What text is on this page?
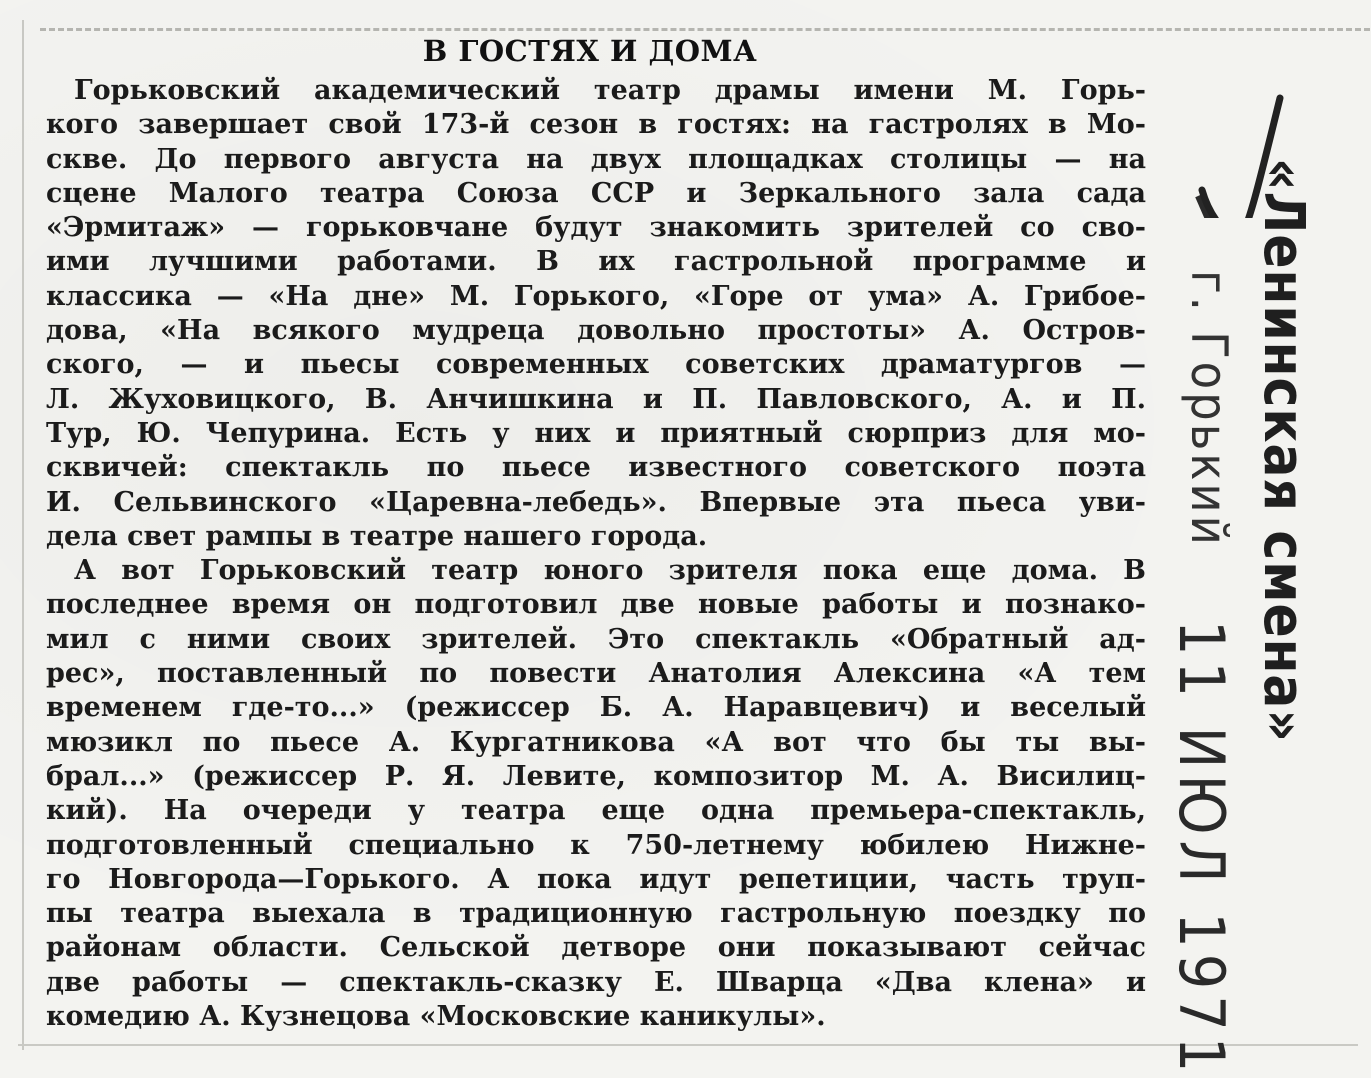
В ГОСТЯХ И ДОМА
Горьковский академический театр драмы имени М. Горь-
кого завершает свой 173-й сезон в гостях: на гастролях в Мо-
скве. До первого августа на двух площадках столицы — на
сцене Малого театра Союза ССР и Зеркального зала сада
«Эрмитаж» — горьковчане будут знакомить зрителей со сво-
ими лучшими работами. В их гастрольной программе и
классика — «На дне» М. Горького, «Горе от ума» А. Грибое-
дова, «На всякого мудреца довольно простоты» А. Остров-
ского, — и пьесы современных советских драматургов —
Л. Жуховицкого, В. Анчишкина и П. Павловского, А. и П.
Тур, Ю. Чепурина. Есть у них и приятный сюрприз для мо-
сквичей: спектакль по пьесе известного советского поэта
И. Сельвинского «Царевна-лебедь». Впервые эта пьеса уви-
дела свет рампы в театре нашего города.
А вот Горьковский театр юного зрителя пока еще дома. В
последнее время он подготовил две новые работы и познако-
мил с ними своих зрителей. Это спектакль «Обратный ад-
рес», поставленный по повести Анатолия Алексина «А тем
временем где-то...» (режиссер Б. А. Наравцевич) и веселый
мюзикл по пьесе А. Кургатникова «А вот что бы ты вы-
брал...» (режиссер Р. Я. Левите, композитор М. А. Висилиц-
кий). На очереди у театра еще одна премьера-спектакль,
подготовленный специально к 750-летнему юбилею Нижне-
го Новгорода—Горького. А пока идут репетиции, часть труп-
пы театра выехала в традиционную гастрольную поездку по
районам области. Сельской детворе они показывают сейчас
две работы — спектакль-сказку Е. Шварца «Два клена» и
комедию А. Кузнецова «Московские каникулы».
«Ленинская смена»
г. Горький
11 ИЮЛ 1971
